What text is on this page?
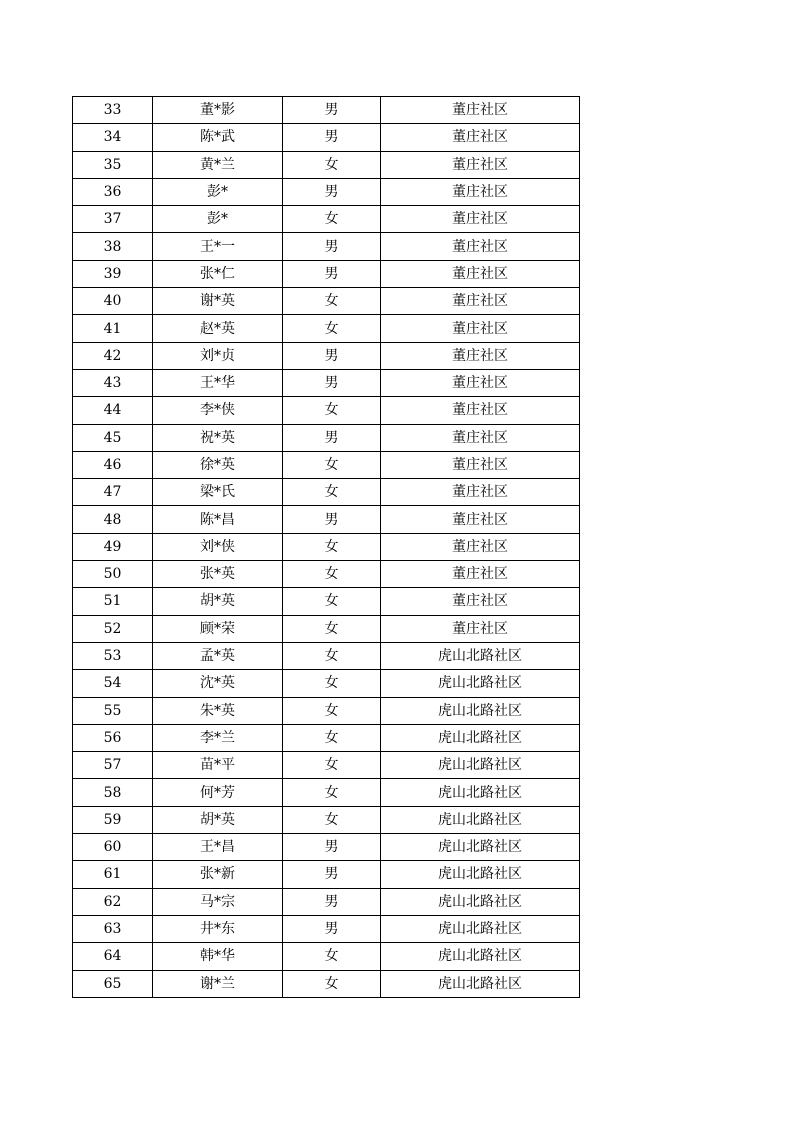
33	董*影	男	董庄社区
34	陈*武	男	董庄社区
35	黄*兰	女	董庄社区
36	彭*	男	董庄社区
37	彭*	女	董庄社区
38	王*一	男	董庄社区
39	张*仁	男	董庄社区
40	谢*英	女	董庄社区
41	赵*英	女	董庄社区
42	刘*贞	男	董庄社区
43	王*华	男	董庄社区
44	李*侠	女	董庄社区
45	祝*英	男	董庄社区
46	徐*英	女	董庄社区
47	梁*氏	女	董庄社区
48	陈*昌	男	董庄社区
49	刘*侠	女	董庄社区
50	张*英	女	董庄社区
51	胡*英	女	董庄社区
52	顾*荣	女	董庄社区
53	孟*英	女	虎山北路社区
54	沈*英	女	虎山北路社区
55	朱*英	女	虎山北路社区
56	李*兰	女	虎山北路社区
57	苗*平	女	虎山北路社区
58	何*芳	女	虎山北路社区
59	胡*英	女	虎山北路社区
60	王*昌	男	虎山北路社区
61	张*新	男	虎山北路社区
62	马*宗	男	虎山北路社区
63	井*东	男	虎山北路社区
64	韩*华	女	虎山北路社区
65	谢*兰	女	虎山北路社区
